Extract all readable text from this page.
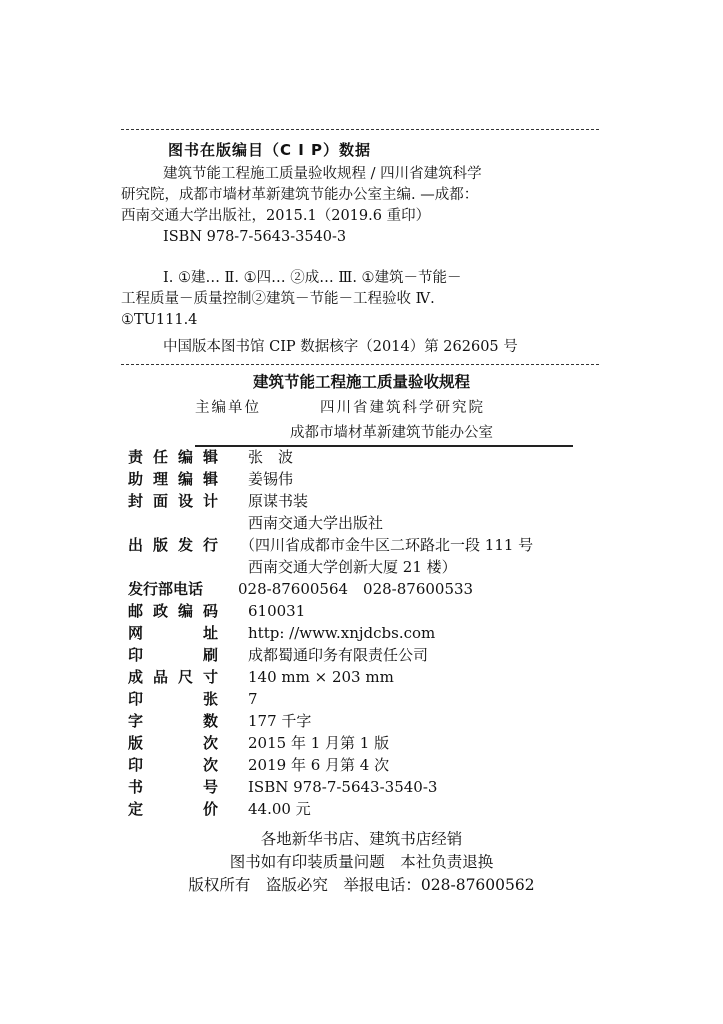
图书在版编目（C I P）数据
建筑节能工程施工质量验收规程 / 四川省建筑科学
研究院，成都市墙材革新建筑节能办公室主编. —成都：
西南交通大学出版社，2015.1（2019.6 重印）
ISBN 978-7-5643-3540-3
Ⅰ. ①建… Ⅱ. ①四… ②成… Ⅲ. ①建筑－节能－
工程质量－质量控制②建筑－节能－工程验收 Ⅳ.
①TU111.4
中国版本图书馆 CIP 数据核字（2014）第 262605 号
建筑节能工程施工质量验收规程
主编单位	四川省建筑科学研究院
成都市墙材革新建筑节能办公室
责 任 编 辑 张　波
助 理 编 辑 姜锡伟
封 面 设 计 原谋书装
西南交通大学出版社
出 版 发 行 （四川省成都市金牛区二环路北一段 111 号
西南交通大学创新大厦 21 楼）
发行部电话	028-87600564　028-87600533
邮 政 编 码 610031
网	址 http: //www.xnjdcbs.com
印	刷 成都蜀通印务有限责任公司
成 品 尺 寸 140 mm × 203 mm
印	张 7
字	数 177 千字
版	次 2015 年 1 月第 1 版
印	次 2019 年 6 月第 4 次
书	号 ISBN 978-7-5643-3540-3
定	价 44.00 元
各地新华书店、建筑书店经销
图书如有印装质量问题　本社负责退换
版权所有　盗版必究　举报电话：028-87600562
